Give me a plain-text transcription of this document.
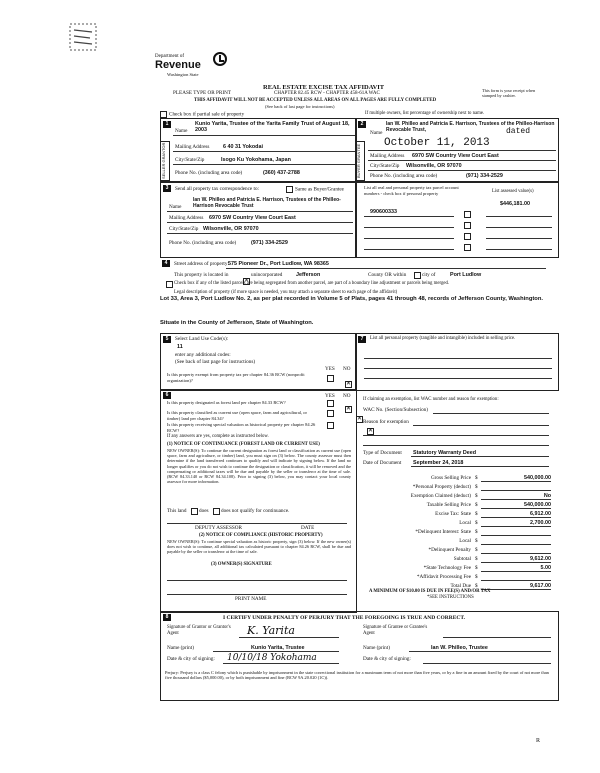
Department of
Revenue
Washington State
PLEASE TYPE OR PRINT
REAL ESTATE EXCISE TAX AFFIDAVIT
CHAPTER 82.45 RCW - CHAPTER 458-61A WAC
THIS AFFIDAVIT WILL NOT BE ACCEPTED UNLESS ALL AREAS ON ALL PAGES ARE FULLY COMPLETED
(See back of last page for instructions)
This form is your receipt when stamped by cashier.
Check box if partial sale of property	If multiple owners, list percentage of ownership next to name.
1
SELLER GRANTOR
Name
Kunio Yarita, Trustee of the Yarita Family Trust of August 18, 2003
Mailing Address	6 40 31 Yokodai
City/State/Zip	Isogo Ku Yokohama, Japan
Phone No. (including area code)	(360) 437-2788
2
BUYER GRANTEE
Name
Ian W. Philleo and Patricia E. Harrison, Trustees of the Philleo-Harrison Revocable Trust,	dated
October 11, 2013
Mailing Address 6970 SW Country View Court East
City/State/Zip Wilsonville, OR 97070
Phone No. (including area code)	(971) 334-2529
3	Send all property tax correspondence to:	Same as Buyer/Grantee
Ian W. Philleo and Patricia E. Harrison, Trustees of the Philleo-Harrison Revocable Trust
Name
Mailing Address 6970 SW Country View Court East
City/State/Zip Wilsonville, OR 97070
Phone No. (including area code)	(971) 334-2529
List all real and personal property tax parcel account numbers - check box if personal property	List assessed value(s)
990600333
$446,181.00
4	Street address of property: 575 Pioneer Dr., Port Ludlow, WA 98365
This property is located in
✕	unincorporated	Jefferson	County OR within	city of	Port Ludlow
Check box if any of the listed parcels are being segregated from another parcel, are part of a boundary line adjustment or parcels being merged.
Legal description of property (if more space is needed, you may attach a separate sheet to each page of the affidavit)
Lot 33, Area 3, Port Ludlow No. 2, as per plat recorded in Volume 5 of Plats, pages 41 through 48, records of Jefferson County, Washington.
Situate in the County of Jefferson, State of Washington.
5	Select Land Use Code(s):
11
enter any additional codes:
(See back of last page for instructions)
YES NO
Is this property exempt from property tax per chapter 84.36 RCW (nonprofit organization)?
✕
7	List all personal property (tangible and intangible) included in selling price.
6	YES NO
Is this property designated as forest land per chapter 84.33 RCW?
✕
Is this property classified as current use (open space, farm and agricultural, or timber) land per chapter 84.34?
✕
Is this property receiving special valuation as historical property per chapter 84.26 RCW?
✕
If any answers are yes, complete as instructed below.
(1) NOTICE OF CONTINUANCE (FOREST LAND OR CURRENT USE)
NEW OWNER(S): To continue the current designation as forest land or classification as current use (open space, farm and agriculture, or timber) land, you must sign on (3) below. The county assessor must then determine if the land transferred continues to qualify and will indicate by signing below. If the land no longer qualifies or you do not wish to continue the designation or classification, it will be removed and the compensating or additional taxes will be due and payable by the seller or transferor at the time of sale. (RCW 84.33.140 or RCW 84.34.108). Prior to signing (3) below, you may contact your local county assessor for more information.
This land does does not qualify for continuance.
DEPUTY ASSESSOR	DATE
(2) NOTICE OF COMPLIANCE (HISTORIC PROPERTY)
NEW OWNER(S): To continue special valuation as historic property, sign (3) below. If the new owner(s) does not wish to continue, all additional tax calculated pursuant to chapter 84.26 RCW, shall be due and payable by the seller or transferor at the time of sale.
(3) OWNER(S) SIGNATURE
PRINT NAME
If claiming an exemption, list WAC number and reason for exemption:
WAC No. (Section/Subsection)
Reason for exemption
Type of Document Statutory Warranty Deed
Date of Document September 24, 2018
Gross Selling Price $	540,000.00
*Personal Property (deduct) $
Exemption Claimed (deduct) $	No
Taxable Selling Price $	540,000.00
Excise Tax: State $	6,912.00
Local $	2,700.00
*Delinquent Interest: State $
Local $
*Delinquent Penalty $
Subtotal $	9,612.00
*State Technology Fee $	5.00
*Affidavit Processing Fee $
Total Due $	9,617.00
A MINIMUM OF $10.00 IS DUE IN FEE(S) AND/OR TAX
*SEE INSTRUCTIONS
8	I CERTIFY UNDER PENALTY OF PERJURY THAT THE FOREGOING IS TRUE AND CORRECT.
Signature of Grantor or Grantor's Agent	K. Yarita	Signature of Grantee or Grantee's Agent
Name (print)	Kunio Yarita, Trustee	Name (print)	Ian W. Philleo, Trustee
Date & city of signing: 10/10/18 Yokohama	Date & city of signing:
Perjury: Perjury is a class C felony which is punishable by imprisonment in the state correctional institution for a maximum term of not more than five years, or by a fine in an amount fixed by the court of not more than five thousand dollars ($5,000.00), or by both imprisonment and fine (RCW 9A.20.020 (1C)).
R
